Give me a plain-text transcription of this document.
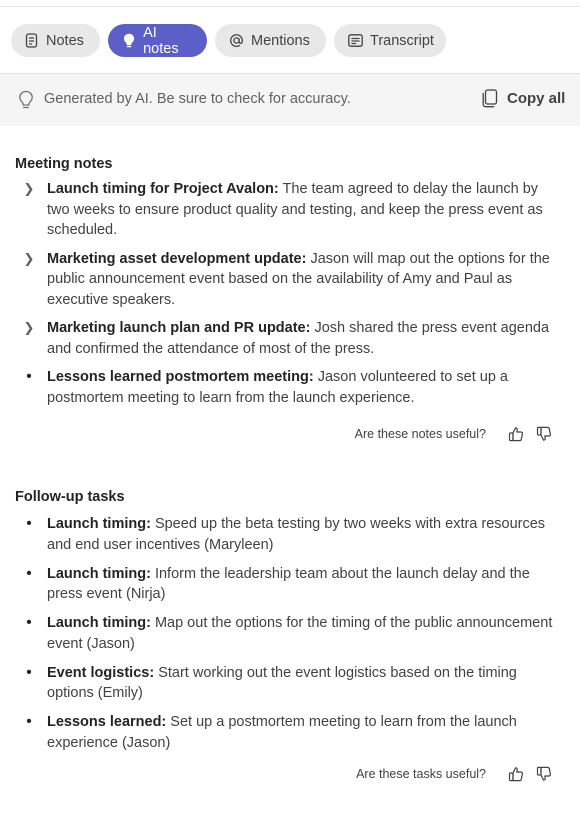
Notes	AI notes	Mentions	Transcript
Generated by AI. Be sure to check for accuracy.	Copy all
Meeting notes
❯ Launch timing for Project Avalon: The team agreed to delay the launch by two weeks to ensure product quality and testing, and keep the press event as scheduled.
❯ Marketing asset development update: Jason will map out the options for the public announcement event based on the availability of Amy and Paul as executive speakers.
❯ Marketing launch plan and PR update: Josh shared the press event agenda and confirmed the attendance of most of the press.
•	Lessons learned postmortem meeting: Jason volunteered to set up a postmortem meeting to learn from the launch experience.
Are these notes useful?
Follow-up tasks
•	Launch timing: Speed up the beta testing by two weeks with extra resources and end user incentives (Maryleen)
•	Launch timing: Inform the leadership team about the launch delay and the press event (Nirja)
•	Launch timing: Map out the options for the timing of the public announcement event (Jason)
•	Event logistics: Start working out the event logistics based on the timing options (Emily)
•	Lessons learned: Set up a postmortem meeting to learn from the launch experience (Jason)
Are these tasks useful?
